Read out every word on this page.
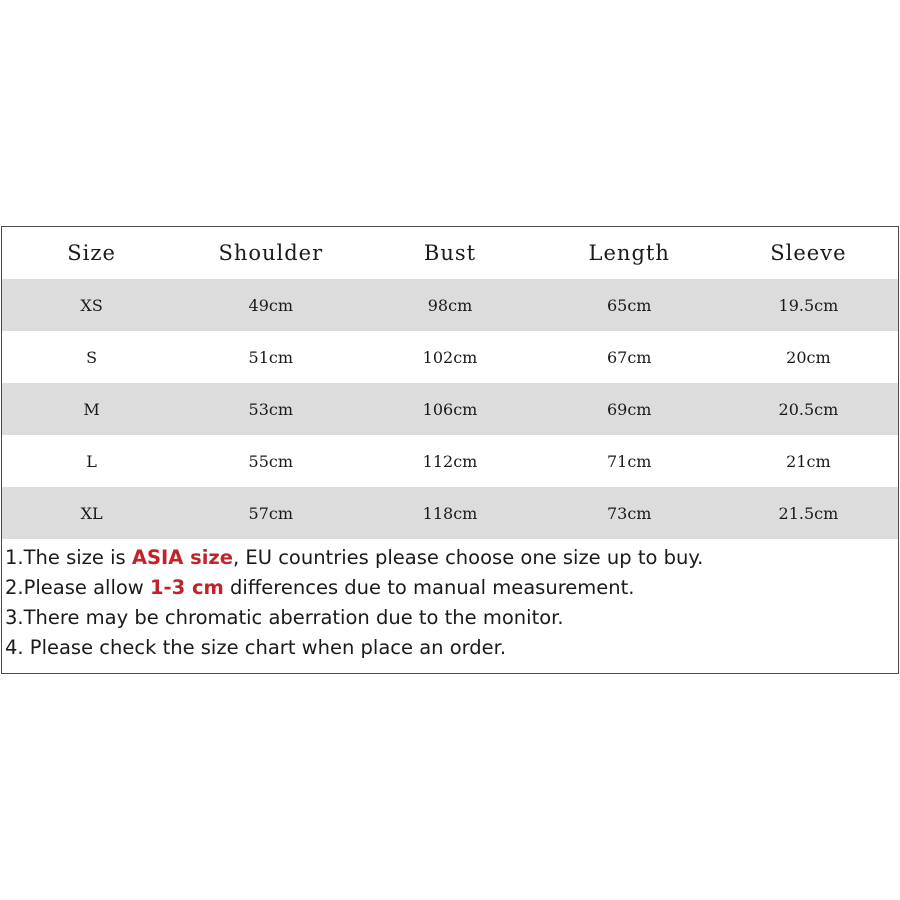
Size	Shoulder	Bust	Length	Sleeve
XS	49cm	98cm	65cm	19.5cm
S	51cm	102cm	67cm	20cm
M	53cm	106cm	69cm	20.5cm
L	55cm	112cm	71cm	21cm
XL	57cm	118cm	73cm	21.5cm
1.The size is ASIA size, EU countries please choose one size up to buy.
2.Please allow 1-3 cm differences due to manual measurement.
3.There may be chromatic aberration due to the monitor.
4. Please check the size chart when place an order.
